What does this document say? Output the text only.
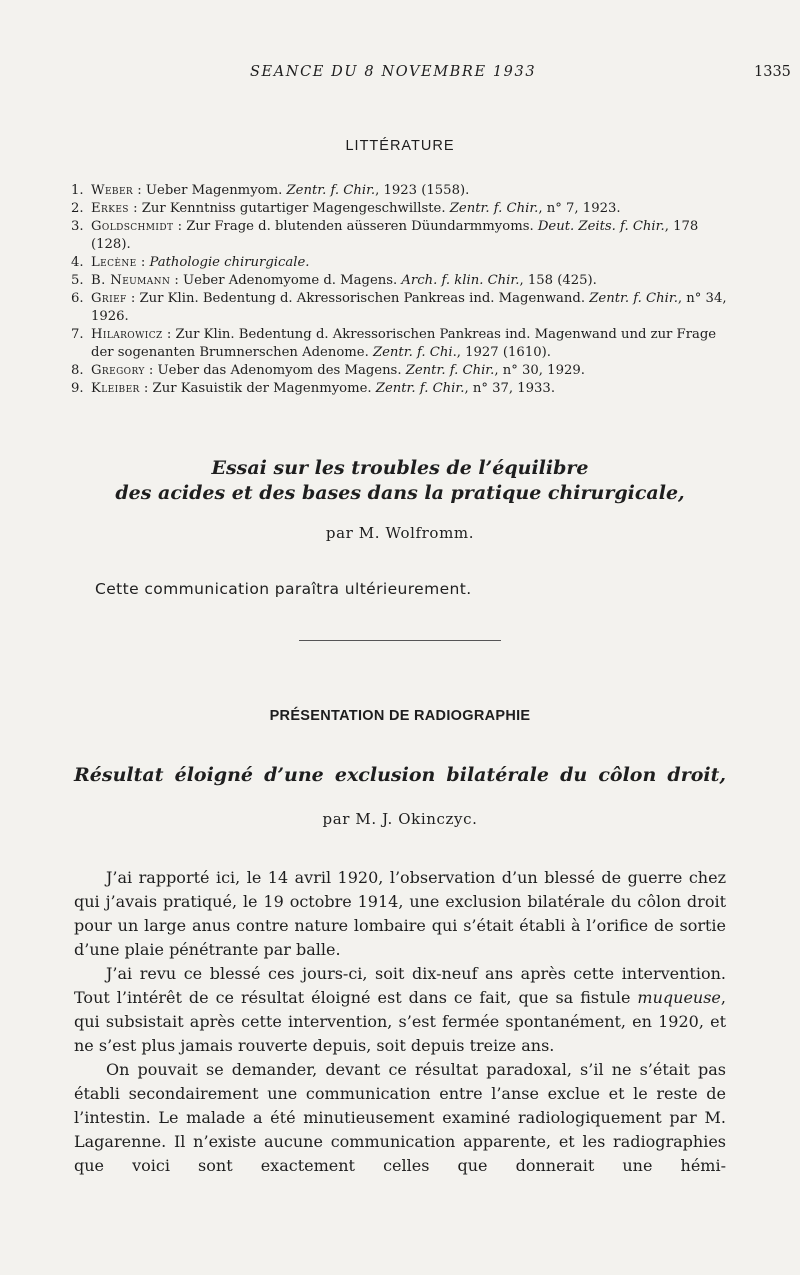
SEANCE DU 8 NOVEMBRE 1933	1335
LITTÉRATURE
1. Weber : Ueber Magenmyom. Zentr. f. Chir., 1923 (1558).
2. Erkes : Zur Kenntniss gutartiger Magengeschwillste. Zentr. f. Chir., n° 7, 1923.
3. Goldschmidt : Zur Frage d. blutenden aüsseren Düundarmmyoms. Deut. Zeits. f. Chir., 178 (128).
4. Lecène : Pathologie chirurgicale.
5. B. Neumann : Ueber Adenomyome d. Magens. Arch. f. klin. Chir., 158 (425).
6. Grief : Zur Klin. Bedentung d. Akressorischen Pankreas ind. Magenwand. Zentr. f. Chir., n° 34, 1926.
7. Hilarowicz : Zur Klin. Bedentung d. Akressorischen Pankreas ind. Magenwand und zur Frage der sogenanten Brumnerschen Adenome. Zentr. f. Chi., 1927 (1610).
8. Gregory : Ueber das Adenomyom des Magens. Zentr. f. Chir., n° 30, 1929.
9. Kleiber : Zur Kasuistik der Magenmyome. Zentr. f. Chir., n° 37, 1933.
Essai sur les troubles de l’équilibre
des acides et des bases dans la pratique chirurgicale,
par M. Wolfromm.
Cette communication paraîtra ultérieurement.
PRÉSENTATION DE RADIOGRAPHIE
Résultat éloigné d’une exclusion bilatérale du côlon droit,
par M. J. Okinczyc.

J’ai rapporté ici, le 14 avril 1920, l’observation d’un blessé de guerre chez qui j’avais pratiqué, le 19 octobre 1914, une exclusion bilatérale du côlon droit pour un large anus contre nature lombaire qui s’était établi à l’orifice de sortie d’une plaie pénétrante par balle.

J’ai revu ce blessé ces jours-ci, soit dix-neuf ans après cette intervention. Tout l’intérêt de ce résultat éloigné est dans ce fait, que sa fistule muqueuse, qui subsistait après cette intervention, s’est fermée spontanément, en 1920, et ne s’est plus jamais rouverte depuis, soit depuis treize ans.

On pouvait se demander, devant ce résultat paradoxal, s’il ne s’était pas établi secondairement une communication entre l’anse exclue et le reste de l’intestin. Le malade a été minutieusement examiné radiologiquement par M. Lagarenne. Il n’existe aucune communication apparente, et les radiographies que voici sont exactement celles que donnerait une hémi-
